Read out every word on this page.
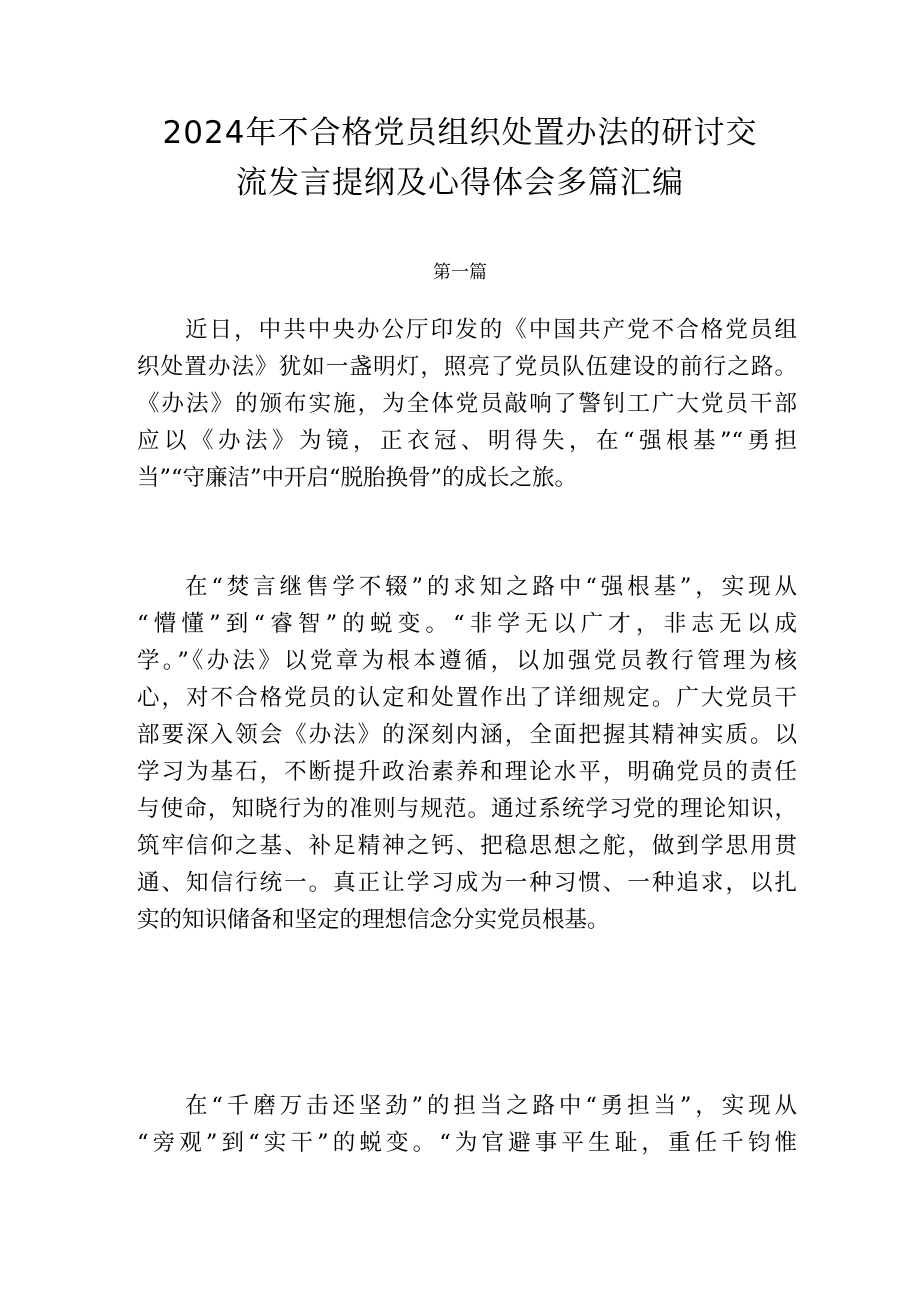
2024年不合格党员组织处置办法的研讨交
流发言提纲及心得体会多篇汇编
第一篇
近日，中共中央办公厅印发的《中国共产党不合格党员组
织处置办法》犹如一盏明灯，照亮了党员队伍建设的前行之路。
《办法》的颁布实施，为全体党员敲响了警钊工广大党员干部
应以《办法》为镜，正衣冠、明得失，在“强根基”“勇担
当”“守廉洁”中开启“脱胎换骨”的成长之旅。
在“焚言继售学不辍”的求知之路中“强根基”，实现从
“懵懂”到“睿智”的蜕变。“非学无以广才，非志无以成
学。”《办法》以党章为根本遵循，以加强党员教行管理为核
心，对不合格党员的认定和处置作出了详细规定。广大党员干
部要深入领会《办法》的深刻内涵，全面把握其精神实质。以
学习为基石，不断提升政治素养和理论水平，明确党员的责任
与使命，知晓行为的准则与规范。通过系统学习党的理论知识，
筑牢信仰之基、补足精神之钙、把稳思想之舵，做到学思用贯
通、知信行统一。真正让学习成为一种习惯、一种追求，以扎
实的知识储备和坚定的理想信念分实党员根基。
在“千磨万击还坚劲”的担当之路中“勇担当”，实现从
“旁观”到“实干”的蜕变。“为官避事平生耻，重任千钧惟
